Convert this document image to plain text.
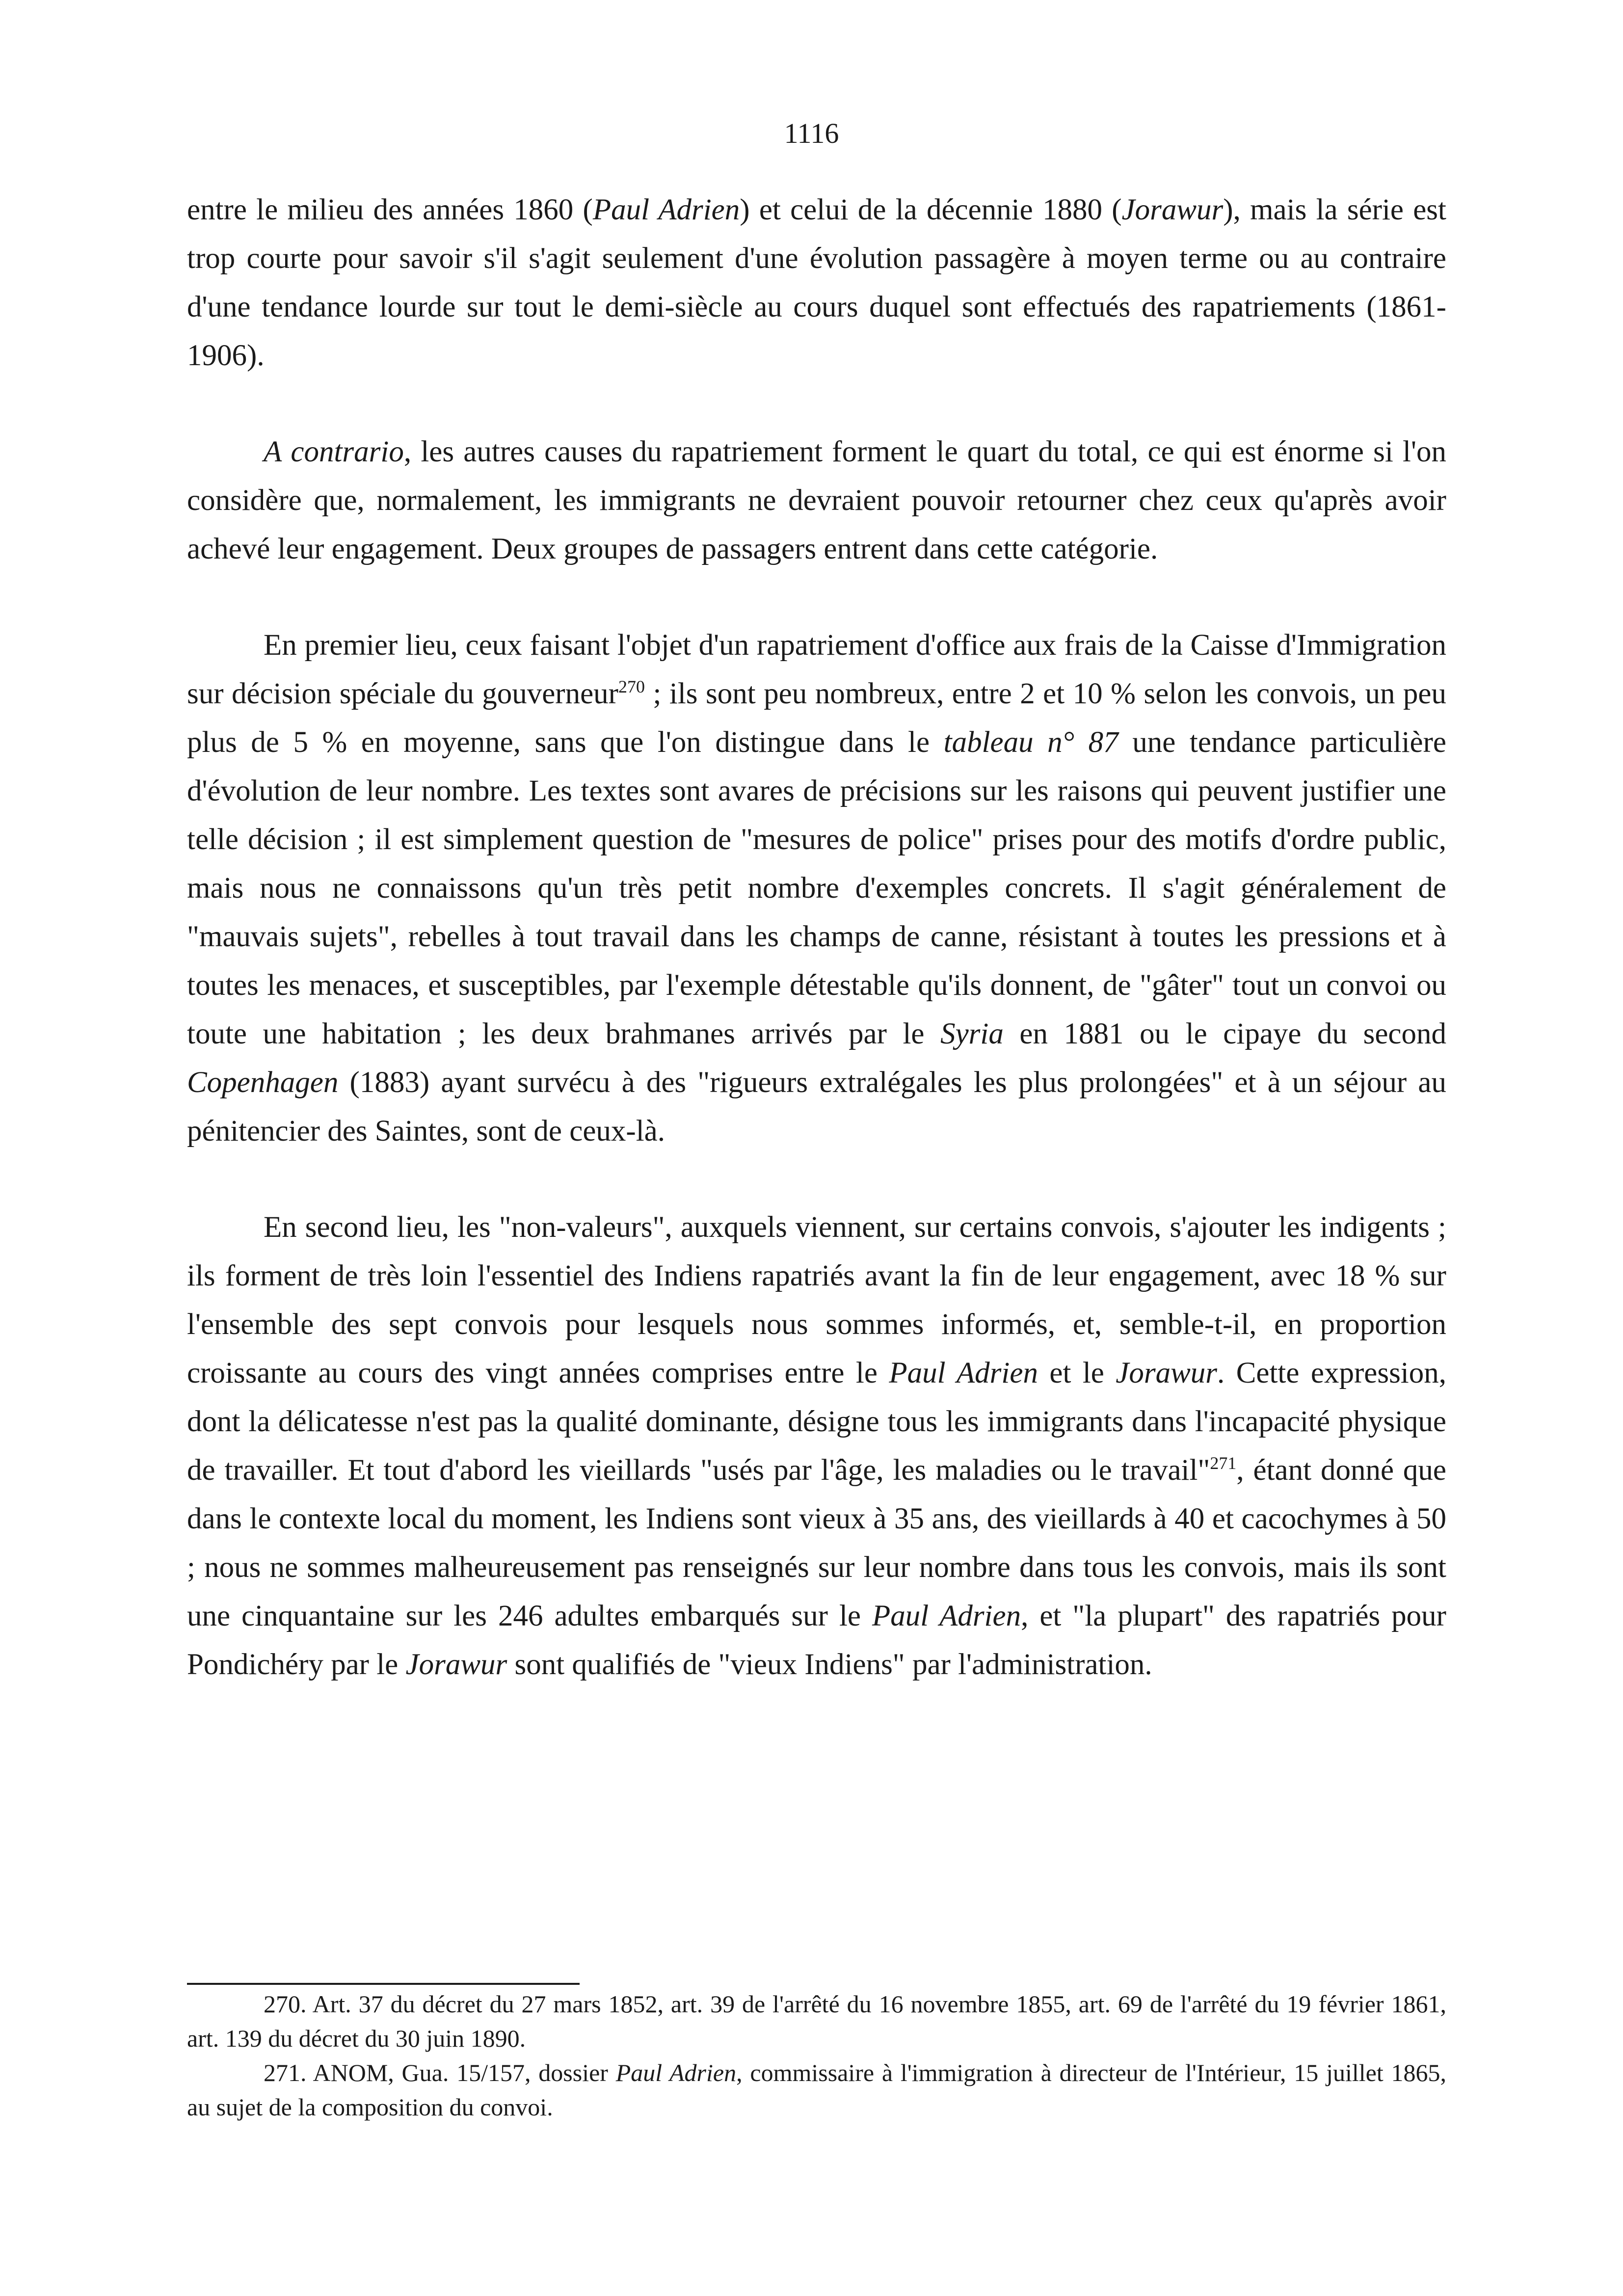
1116

entre le milieu des années 1860 (Paul Adrien) et celui de la décennie 1880 (Jorawur), mais la série est trop courte pour savoir s'il s'agit seulement d'une évolution passagère à moyen terme ou au contraire d'une tendance lourde sur tout le demi-siècle au cours duquel sont effectués des rapatriements (1861-1906).

A contrario, les autres causes du rapatriement forment le quart du total, ce qui est énorme si l'on considère que, normalement, les immigrants ne devraient pouvoir retourner chez ceux qu'après avoir achevé leur engagement. Deux groupes de passagers entrent dans cette catégorie.

En premier lieu, ceux faisant l'objet d'un rapatriement d'office aux frais de la Caisse d'Immigration sur décision spéciale du gouverneur$^{270}$ ; ils sont peu nombreux, entre 2 et 10 % selon les convois, un peu plus de 5 % en moyenne, sans que l'on distingue dans le tableau n° 87 une tendance particulière d'évolution de leur nombre. Les textes sont avares de précisions sur les raisons qui peuvent justifier une telle décision ; il est simplement question de "mesures de police" prises pour des motifs d'ordre public, mais nous ne connaissons qu'un très petit nombre d'exemples concrets. Il s'agit généralement de "mauvais sujets", rebelles à tout travail dans les champs de canne, résistant à toutes les pressions et à toutes les menaces, et susceptibles, par l'exemple détestable qu'ils donnent, de "gâter" tout un convoi ou toute une habitation ; les deux brahmanes arrivés par le Syria en 1881 ou le cipaye du second Copenhagen (1883) ayant survécu à des "rigueurs extralégales les plus prolongées" et à un séjour au pénitencier des Saintes, sont de ceux-là.

En second lieu, les "non-valeurs", auxquels viennent, sur certains convois, s'ajouter les indigents ; ils forment de très loin l'essentiel des Indiens rapatriés avant la fin de leur engagement, avec 18 % sur l'ensemble des sept convois pour lesquels nous sommes informés, et, semble-t-il, en proportion croissante au cours des vingt années comprises entre le Paul Adrien et le Jorawur. Cette expression, dont la délicatesse n'est pas la qualité dominante, désigne tous les immigrants dans l'incapacité physique de travailler. Et tout d'abord les vieillards "usés par l'âge, les maladies ou le travail"$^{271}$, étant donné que dans le contexte local du moment, les Indiens sont vieux à 35 ans, des vieillards à 40 et cacochymes à 50 ; nous ne sommes malheureusement pas renseignés sur leur nombre dans tous les convois, mais ils sont une cinquantaine sur les 246 adultes embarqués sur le Paul Adrien, et "la plupart" des rapatriés pour Pondichéry par le Jorawur sont qualifiés de "vieux Indiens" par l'administration.

270. Art. 37 du décret du 27 mars 1852, art. 39 de l'arrêté du 16 novembre 1855, art. 69 de l'arrêté du 19 février 1861, art. 139 du décret du 30 juin 1890.

271. ANOM, Gua. 15/157, dossier Paul Adrien, commissaire à l'immigration à directeur de l'Intérieur, 15 juillet 1865, au sujet de la composition du convoi.
